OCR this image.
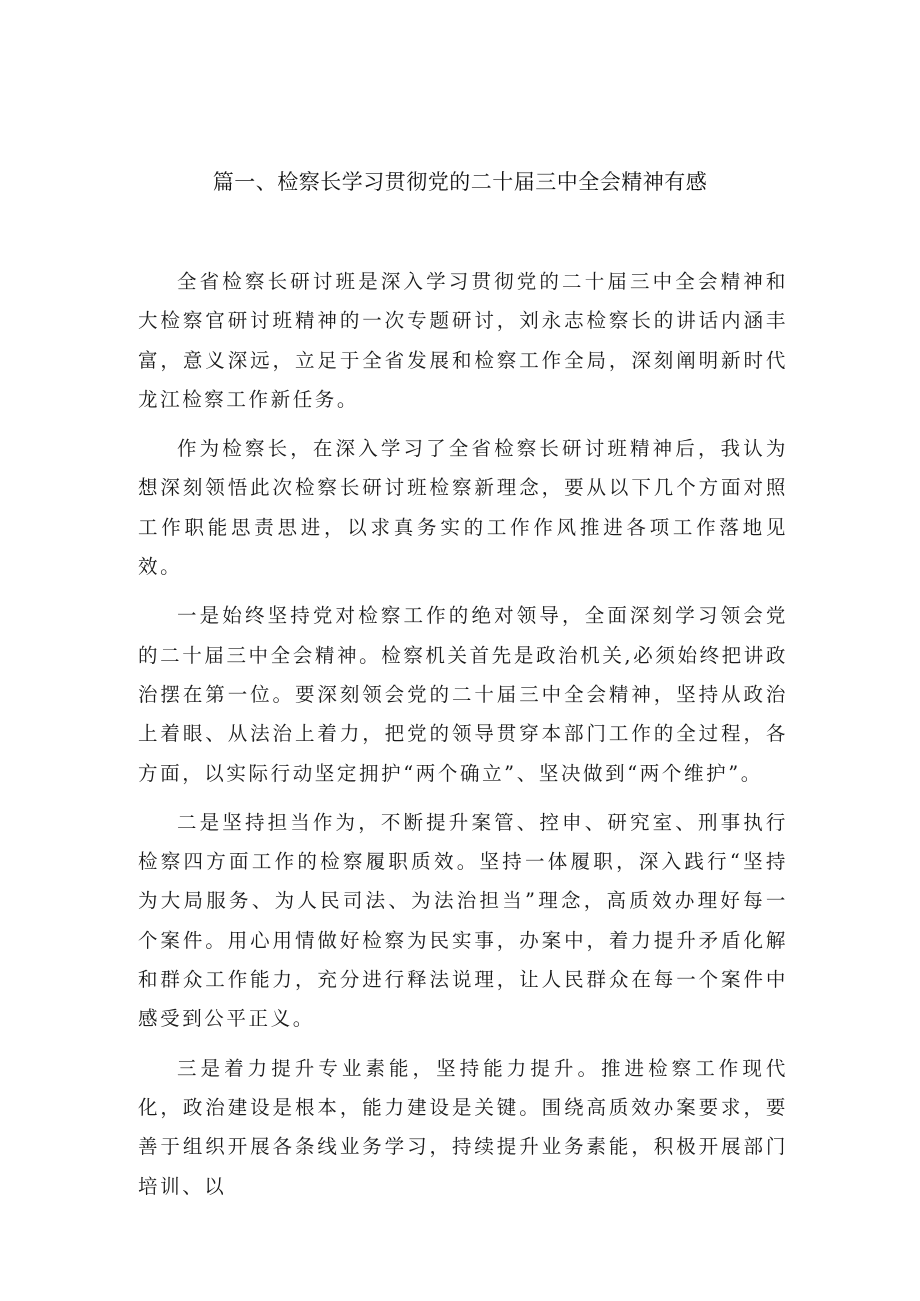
篇一、检察长学习贯彻党的二十届三中全会精神有感

全省检察长研讨班是深入学习贯彻党的二十届三中全会精神和大检察官研讨班精神的一次专题研讨，刘永志检察长的讲话内涵丰富，意义深远，立足于全省发展和检察工作全局，深刻阐明新时代龙江检察工作新任务。

作为检察长，在深入学习了全省检察长研讨班精神后，我认为想深刻领悟此次检察长研讨班检察新理念，要从以下几个方面对照工作职能思责思进，以求真务实的工作作风推进各项工作落地见效。

一是始终坚持党对检察工作的绝对领导，全面深刻学习领会党的二十届三中全会精神。检察机关首先是政治机关,必须始终把讲政治摆在第一位。要深刻领会党的二十届三中全会精神，坚持从政治上着眼、从法治上着力，把党的领导贯穿本部门工作的全过程，各方面，以实际行动坚定拥护“两个确立”、坚决做到“两个维护”。

二是坚持担当作为，不断提升案管、控申、研究室、刑事执行检察四方面工作的检察履职质效。坚持一体履职，深入践行“坚持为大局服务、为人民司法、为法治担当”理念，高质效办理好每一个案件。用心用情做好检察为民实事，办案中，着力提升矛盾化解和群众工作能力，充分进行释法说理，让人民群众在每一个案件中感受到公平正义。

三是着力提升专业素能，坚持能力提升。推进检察工作现代化，政治建设是根本，能力建设是关键。围绕高质效办案要求，要善于组织开展各条线业务学习，持续提升业务素能，积极开展部门培训、以
